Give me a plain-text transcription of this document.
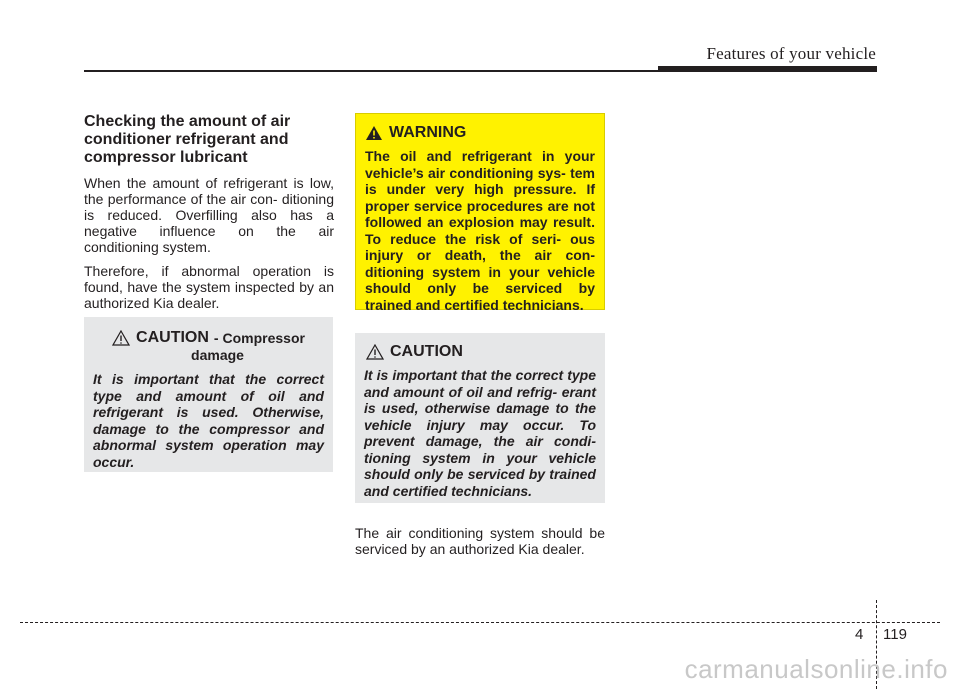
Features of your vehicle
Checking the amount of air conditioner refrigerant and compressor lubricant

When the amount of refrigerant is low, the performance of the air con- ditioning is reduced. Overfilling also has a negative influence on the air conditioning system.

Therefore, if abnormal operation is found, have the system inspected by an authorized Kia dealer.

CAUTION - Compressor
damage

It is important that the correct type and amount of oil and refrigerant is used. Otherwise, damage to the compressor and abnormal system operation may occur.

WARNING

The oil and refrigerant in your vehicle’s air conditioning sys- tem is under very high pressure. If proper service procedures are not followed an explosion may result. To reduce the risk of seri- ous injury or death, the air con- ditioning system in your vehicle should only be serviced by trained and certified technicians.

CAUTION

It is important that the correct type and amount of oil and refrig- erant is used, otherwise damage to the vehicle injury may occur. To prevent damage, the air condi- tioning system in your vehicle should only be serviced by trained and certified technicians.

The air conditioning system should be serviced by an authorized Kia dealer.

4 119
carmanualsonline.info
